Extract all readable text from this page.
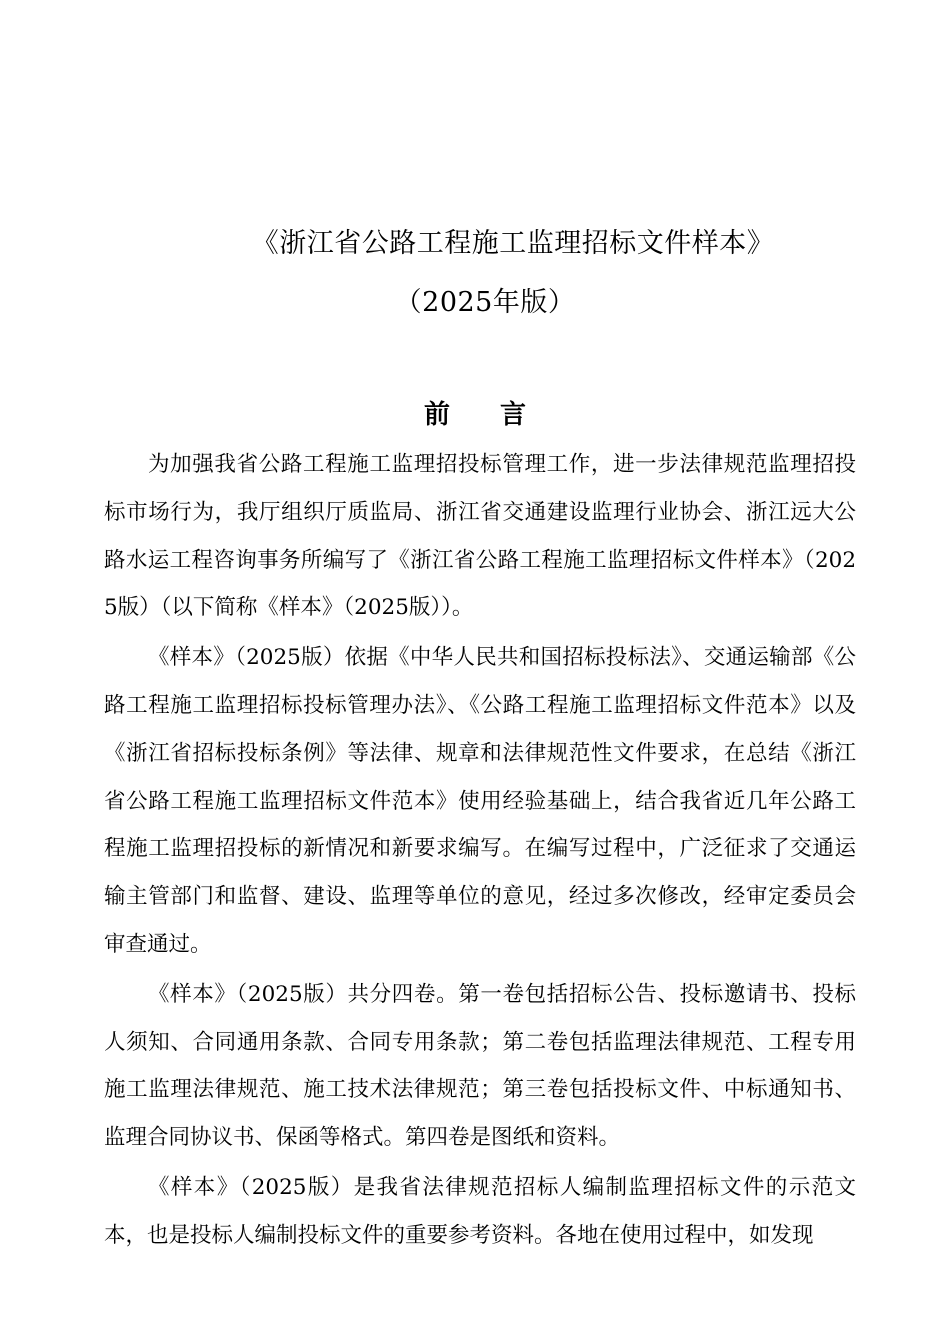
《浙江省公路工程施工监理招标文件样本》
（2025年版）
前言

为加强我省公路工程施工监理招投标管理工作，进一步法律规范监理招投标市场行为，我厅组织厅质监局、浙江省交通建设监理行业协会、浙江远大公路水运工程咨询事务所编写了《浙江省公路工程施工监理招标文件样本》（2025版）（以下简称《样本》（2025版））。

《样本》（2025版）依据《中华人民共和国招标投标法》、交通运输部《公路工程施工监理招标投标管理办法》、《公路工程施工监理招标文件范本》以及《浙江省招标投标条例》等法律、规章和法律规范性文件要求，在总结《浙江省公路工程施工监理招标文件范本》使用经验基础上，结合我省近几年公路工程施工监理招投标的新情况和新要求编写。在编写过程中，广泛征求了交通运输主管部门和监督、建设、监理等单位的意见，经过多次修改，经审定委员会审查通过。

《样本》（2025版）共分四卷。第一卷包括招标公告、投标邀请书、投标人须知、合同通用条款、合同专用条款；第二卷包括监理法律规范、工程专用施工监理法律规范、施工技术法律规范；第三卷包括投标文件、中标通知书、监理合同协议书、保函等格式。第四卷是图纸和资料。

《样本》（2025版）是我省法律规范招标人编制监理招标文件的示范文本，也是投标人编制投标文件的重要参考资料。各地在使用过程中，如发现
